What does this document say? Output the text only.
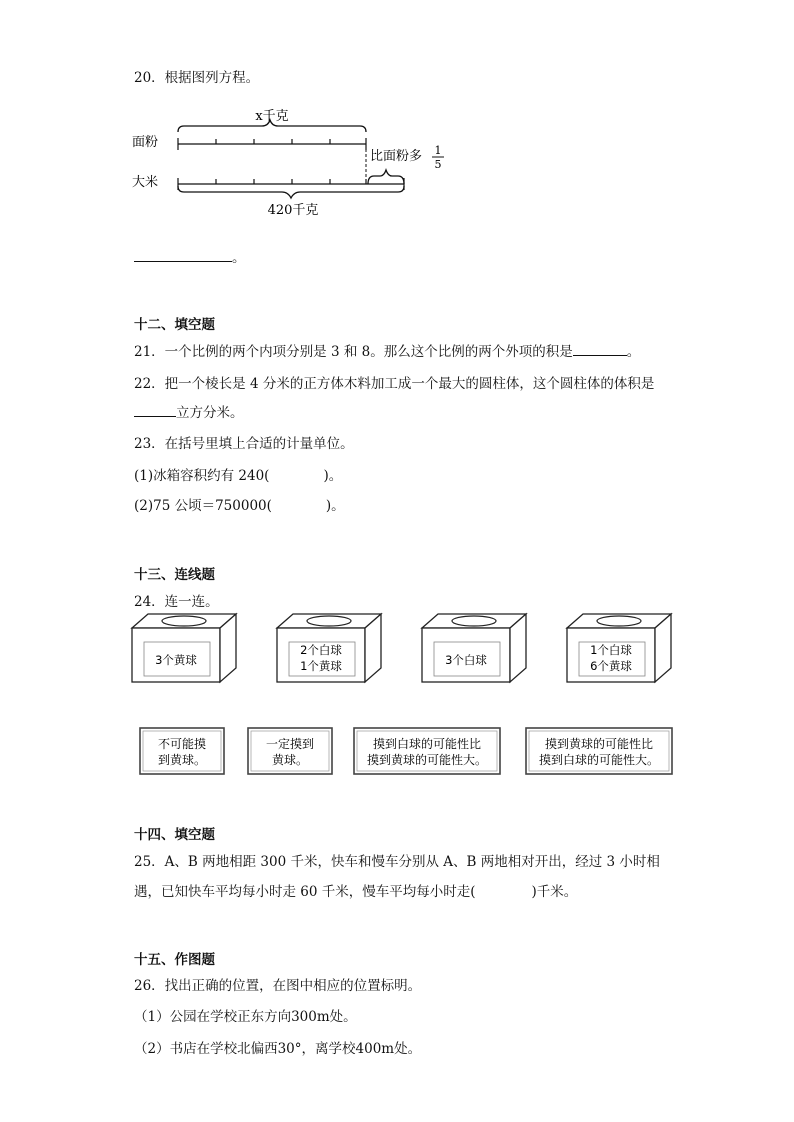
20．根据图列方程。
x千克
面粉
比面粉多 1
5
大米
420千克
。
十二、填空题
21．一个比例的两个内项分别是 3 和 8。那么这个比例的两个外项的积是	。
22．把一个棱长是 4 分米的正方体木料加工成一个最大的圆柱体，这个圆柱体的体积是
立方分米。
23．在括号里填上合适的计量单位。
(1)冰箱容积约有 240(	)。
(2)75 公顷＝750000(	)。
十三、连线题
24．连一连。
3个黄球
2个白球
1个黄球	3个白球
1个白球
6个黄球
不可能摸
到黄球。
一定摸到
黄球。
摸到白球的可能性比
摸到黄球的可能性大。
摸到黄球的可能性比
摸到白球的可能性大。
十四、填空题
25．A、B 两地相距 300 千米，快车和慢车分别从 A、B 两地相对开出，经过 3 小时相
遇，已知快车平均每小时走 60 千米，慢车平均每小时走(	)千米。
十五、作图题
26．找出正确的位置，在图中相应的位置标明。
（1）公园在学校正东方向300m处。
（2）书店在学校北偏西30°，离学校400m处。
